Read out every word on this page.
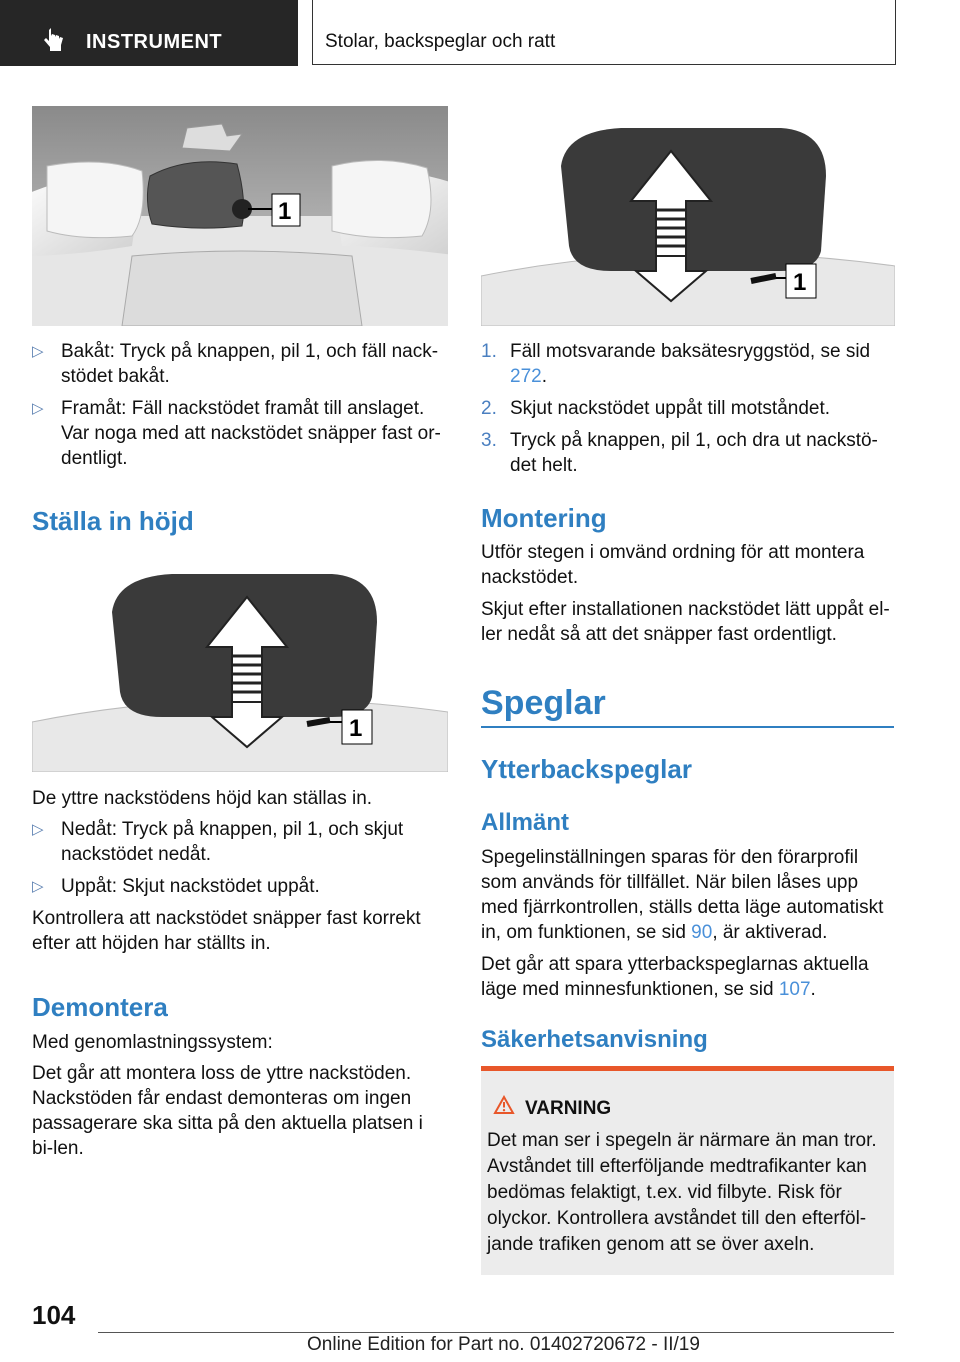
INSTRUMENT	Stolar, backspeglar och ratt
1
1
▷ Bakåt: Tryck på knappen, pil 1, och fäll nack-stödet bakåt.
▷ Framåt: Fäll nackstödet framåt till anslaget. Var noga med att nackstödet snäpper fast or-dentligt.
Ställa in höjd
1
De yttre nackstödens höjd kan ställas in.
▷ Nedåt: Tryck på knappen, pil 1, och skjut nackstödet nedåt.
▷ Uppåt: Skjut nackstödet uppåt.
Kontrollera att nackstödet snäpper fast korrekt efter att höjden har ställts in.
Demontera
Med genomlastningssystem:
Det går att montera loss de yttre nackstöden. Nackstöden får endast demonteras om ingen passagerare ska sitta på den aktuella platsen i bi-len.
1. Fäll motsvarande baksätesryggstöd, se sid 272.
2. Skjut nackstödet uppåt till motståndet.
3. Tryck på knappen, pil 1, och dra ut nackstö-det helt.
Montering
Utför stegen i omvänd ordning för att montera nackstödet.
Skjut efter installationen nackstödet lätt uppåt el-ler nedåt så att det snäpper fast ordentligt.
Speglar
Ytterbackspeglar
Allmänt
Spegelinställningen sparas för den förarprofil som används för tillfället. När bilen låses upp med fjärrkontrollen, ställs detta läge automatiskt in, om funktionen, se sid 90, är aktiverad.
Det går att spara ytterbackspeglarnas aktuella läge med minnesfunktionen, se sid 107.
Säkerhetsanvisning
VARNING
Det man ser i spegeln är närmare än man tror. Avståndet till efterföljande medtrafikanter kan bedömas felaktigt, t.ex. vid filbyte. Risk för olyckor. Kontrollera avståndet till den efterföl-jande trafiken genom att se över axeln.
104
Online Edition for Part no. 01402720672 - II/19
